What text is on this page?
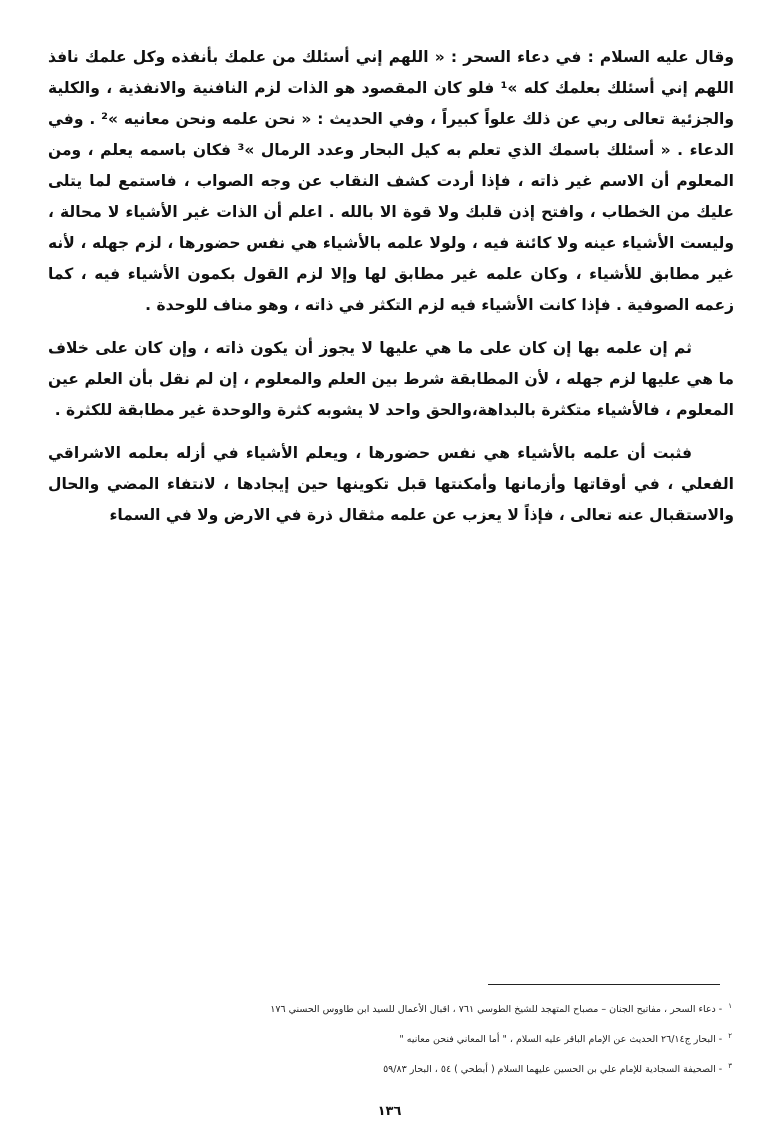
وقال عليه السلام : في دعاء السحر : « اللهم إني أسئلك من علمك بأنفذه وكل علمك نافذ اللهم إني أسئلك بعلمك كله »¹ فلو كان المقصود هو الذات لزم النافنية والانفذية ، والكلية والجزئية تعالى ربي عن ذلك علواً كبيراً ، وفي الحديث : « نحن علمه ونحن معانيه »² . وفي الدعاء . « أسئلك باسمك الذي تعلم به كيل البحار وعدد الرمال »³ فكان باسمه يعلم ، ومن المعلوم أن الاسم غير ذاته ، فإذا أردت كشف النقاب عن وجه الصواب ، فاستمع لما يتلى عليك من الخطاب ، وافتح إذن قلبك ولا قوة الا بالله . اعلم أن الذات غير الأشياء لا محالة ، وليست الأشياء عينه ولا كائنة فيه ، ولولا علمه بالأشياء هي نفس حضورها ، لزم جهله ، لأنه غير مطابق للأشياء ، وكان علمه غير مطابق لها وإلا لزم القول بكمون الأشياء فيه ، كما زعمه الصوفية . فإذا كانت الأشياء فيه لزم التكثر في ذاته ، وهو مناف للوحدة .

ثم إن علمه بها إن كان على ما هي عليها لا يجوز أن يكون ذاته ، وإن كان على خلاف ما هي عليها لزم جهله ، لأن المطابقة شرط بين العلم والمعلوم ، إن لم نقل بأن العلم عين المعلوم ، فالأشياء متكثرة بالبداهة،والحق واحد لا يشوبه كثرة والوحدة غير مطابقة للكثرة .

فثبت أن علمه بالأشياء هي نفس حضورها ، ويعلم الأشياء في أزله بعلمه الاشراقي الفعلي ، في أوقاتها وأزمانها وأمكنتها قبل تكوينها حين إيجادها ، لانتفاء المضي والحال والاستقبال عنه تعالى ، فإذاً لا يعزب عن علمه مثقال ذرة في الارض ولا في السماء

$^١$- دعاء السحر ، مفاتيح الجنان – مصباح المتهجد للشيخ الطوسي ٧٦١ ، اقبال الأعمال للسيد ابن طاووس الحسني ١٧٦
$^٢$- البحار ج٢٦/١٤ الحديث عن الإمام الباقر عليه السلام ، " أما المعاني فنحن معانيه "
$^٣$- الصحيفة السجادية للإمام علي بن الحسين عليهما السلام ( أبطحي ) ٥٤ ، البحار ٥٩/٨٣
١٣٦
